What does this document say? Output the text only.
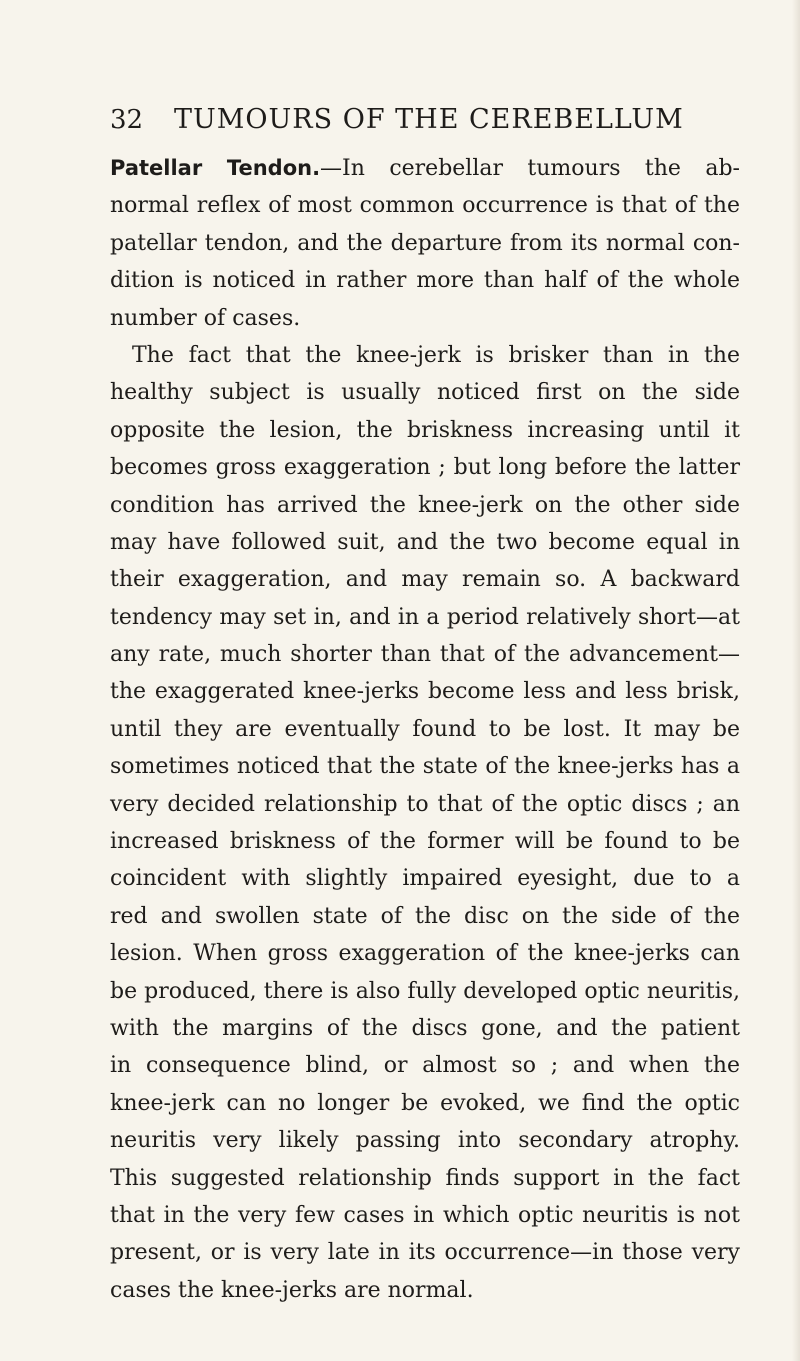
32	TUMOURS OF THE CEREBELLUM
Patellar Tendon.—In cerebellar tumours the ab-
normal reflex of most common occurrence is that of the
patellar tendon, and the departure from its normal con-
dition is noticed in rather more than half of the whole
number of cases.
The fact that the knee-jerk is brisker than in the
healthy subject is usually noticed first on the side
opposite the lesion, the briskness increasing until it
becomes gross exaggeration ; but long before the latter
condition has arrived the knee-jerk on the other side
may have followed suit, and the two become equal in
their exaggeration, and may remain so. A backward
tendency may set in, and in a period relatively short—at
any rate, much shorter than that of the advancement—
the exaggerated knee-jerks become less and less brisk,
until they are eventually found to be lost. It may be
sometimes noticed that the state of the knee-jerks has a
very decided relationship to that of the optic discs ; an
increased briskness of the former will be found to be
coincident with slightly impaired eyesight, due to a
red and swollen state of the disc on the side of the
lesion. When gross exaggeration of the knee-jerks can
be produced, there is also fully developed optic neuritis,
with the margins of the discs gone, and the patient
in consequence blind, or almost so ; and when the
knee-jerk can no longer be evoked, we find the optic
neuritis very likely passing into secondary atrophy.
This suggested relationship finds support in the fact
that in the very few cases in which optic neuritis is not
present, or is very late in its occurrence—in those very
cases the knee-jerks are normal.
